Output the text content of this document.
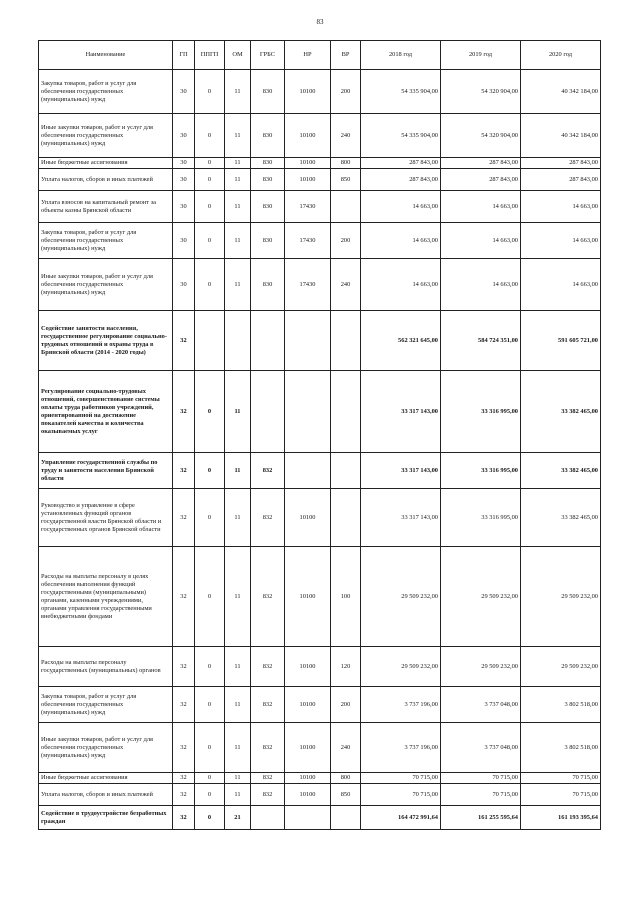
83
Наименование	ГП	ППГП	ОМ	ГРБС	НР	ВР	2018 год	2019 год	2020 год
Закупка товаров, работ и услуг для обеспечения государственных (муниципальных) нужд	30	0	11	830	10100	200	54 335 904,00	54 320 904,00	40 342 184,00
Иные закупки товаров, работ и услуг для обеспечения государственных (муниципальных) нужд	30	0	11	830	10100	240	54 335 904,00	54 320 904,00	40 342 184,00
Иные бюджетные ассигнования	30	0	11	830	10100	800	287 843,00	287 843,00	287 843,00
Уплата налогов, сборов и иных платежей	30	0	11	830	10100	850	287 843,00	287 843,00	287 843,00
Уплата взносов на капитальный ремонт за объекты казны Брянской области	30	0	11	830	17430		14 663,00	14 663,00	14 663,00
Закупка товаров, работ и услуг для обеспечения государственных (муниципальных) нужд	30	0	11	830	17430	200	14 663,00	14 663,00	14 663,00
Иные закупки товаров, работ и услуг для обеспечения государственных (муниципальных) нужд	30	0	11	830	17430	240	14 663,00	14 663,00	14 663,00
Содействие занятости населения, государственное регулирование социально-трудовых отношений и охраны труда в Брянской области (2014 - 2020 годы)	32						562 321 645,00	584 724 351,00	591 605 721,00
Регулирование социально-трудовых отношений, совершенствование системы оплаты труда работников учреждений, ориентированной на достижение показателей качества и количества оказываемых услуг	32	0	11				33 317 143,00	33 316 995,00	33 382 465,00
Управление государственной службы по труду и занятости населения Брянской области	32	0	11	832			33 317 143,00	33 316 995,00	33 382 465,00
Руководство и управление в сфере установленных функций органов государственной власти Брянской области и государственных органов Брянской области	32	0	11	832	10100		33 317 143,00	33 316 995,00	33 382 465,00
Расходы на выплаты персоналу в целях обеспечения выполнения функций государственными (муниципальными) органами, казенными учреждениями, органами управления государственными внебюджетными фондами	32	0	11	832	10100	100	29 509 232,00	29 509 232,00	29 509 232,00
Расходы на выплаты персоналу государственных (муниципальных) органов	32	0	11	832	10100	120	29 509 232,00	29 509 232,00	29 509 232,00
Закупка товаров, работ и услуг для обеспечения государственных (муниципальных) нужд	32	0	11	832	10100	200	3 737 196,00	3 737 048,00	3 802 518,00
Иные закупки товаров, работ и услуг для обеспечения государственных (муниципальных) нужд	32	0	11	832	10100	240	3 737 196,00	3 737 048,00	3 802 518,00
Иные бюджетные ассигнования	32	0	11	832	10100	800	70 715,00	70 715,00	70 715,00
Уплата налогов, сборов и иных платежей	32	0	11	832	10100	850	70 715,00	70 715,00	70 715,00
Содействие в трудоустройстве безработных граждан	32	0	21				164 472 991,64	161 255 595,64	161 193 395,64
